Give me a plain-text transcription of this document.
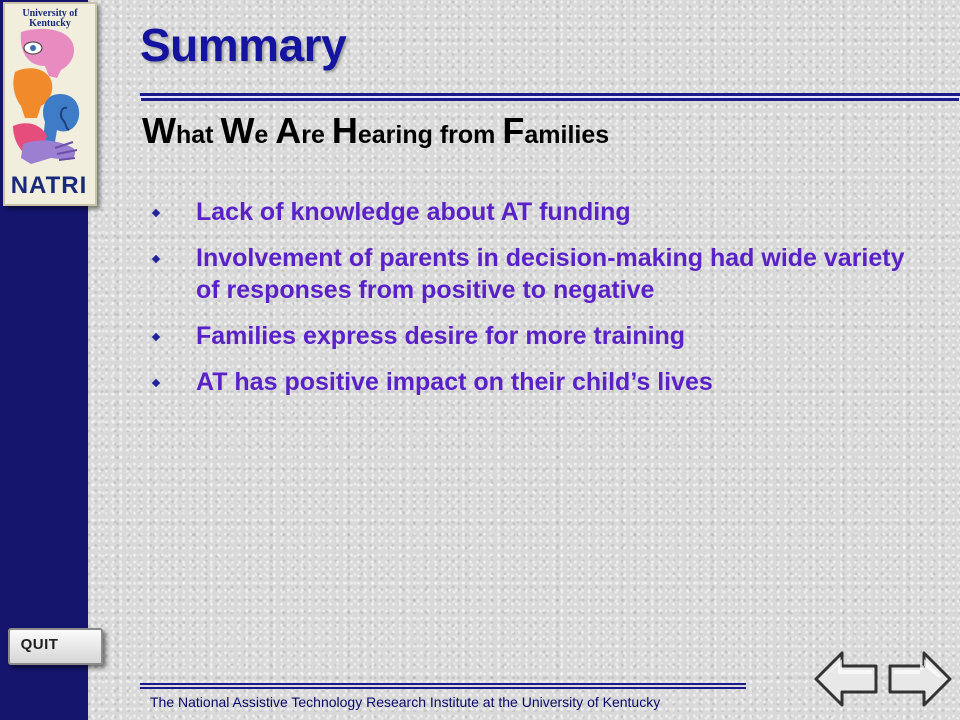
University of Kentucky
NATRI
QUIT
Summary
What We Are Hearing from Families
Lack of knowledge about AT funding
Involvement of parents in decision-making had wide variety of responses from positive to negative
Families express desire for more training
AT has positive impact on their child’s lives
The National Assistive Technology Research Institute at the University of Kentucky
